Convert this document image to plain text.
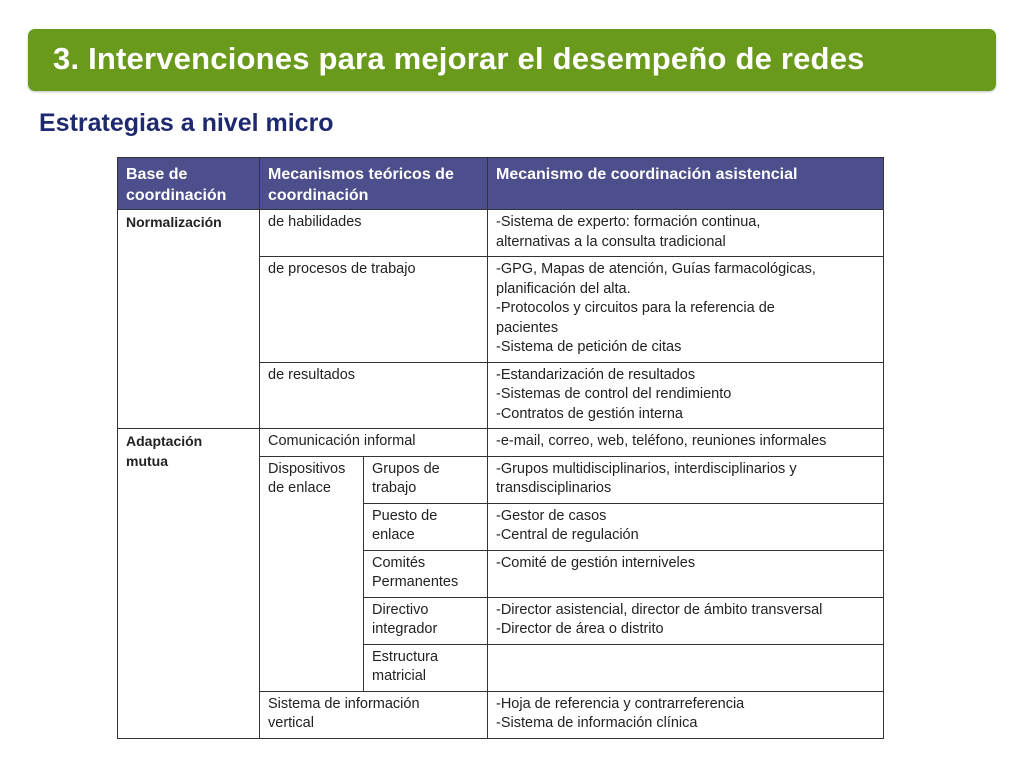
3. Intervenciones para mejorar el desempeño de redes
Estrategias a nivel micro
Base de coordinación	Mecanismos teóricos de coordinación		Mecanismo de coordinación asistencial
Normalización	de habilidades		-Sistema de experto: formación continua,
alternativas a la consulta tradicional
	de procesos de trabajo		-GPG, Mapas de atención, Guías farmacológicas,
planificación del alta.
-Protocolos y circuitos para la referencia de
pacientes
-Sistema de petición de citas
	de resultados		-Estandarización de resultados
-Sistemas de control del rendimiento
-Contratos de gestión interna
Adaptación
mutua	Comunicación informal		-e-mail, correo, web, teléfono, reuniones informales
	Dispositivos
de enlace	Grupos de
trabajo	-Grupos multidisciplinarios, interdisciplinarios y
transdisciplinarios
		Puesto de
enlace	-Gestor de casos
-Central de regulación
		Comités
Permanentes	-Comité de gestión interniveles
		Directivo
integrador	-Director asistencial, director de ámbito transversal
-Director de área o distrito
		Estructura
matricial	
	Sistema de información
vertical		-Hoja de referencia y contrarreferencia
-Sistema de información clínica
